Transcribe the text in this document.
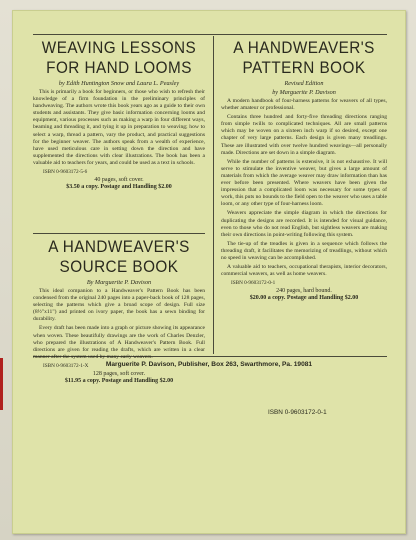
WEAVING LESSONS
FOR HAND LOOMS
by Edith Huntington Snow and Laura L. Peasley

This is primarily a book for beginners, or those who wish to refresh their knowledge of a firm foundation in the preliminary principles of handweaving. The authors wrote this book years ago as a guide to their own students and assistants. They give basic information concerning looms and equipment, various processes such as making a warp in four different ways, beaming and threading it, and tying it up in preparation to weaving; how to select a warp, thread a pattern, vary the product, and practical suggestions for the beginner weaver. The authors speak from a wealth of experience, have used meticulous care in setting down the direction and have supplemented the directions with clear illustrations. The book has been a valuable aid to teachers for years, and could be used as a text in schools.

ISBN 0-9603172-5-6
40 pages, soft cover.
$3.50 a copy. Postage and Handling $2.00
A HANDWEAVER'S
SOURCE BOOK
By Marguerite P. Davison

This ideal companion to a Handweaver's Pattern Book has been condensed from the original 240 pages into a paper-back book of 128 pages, selecting the patterns which give a broad scope of design. Full size (8½"x11") and printed on ivory paper, the book has a sewn binding for durability.

Every draft has been made into a graph or picture showing its appearance when woven. These beautifully drawings are the work of Charles Denzler, who prepared the illustrations of A Handweaver's Pattern Book. Full directions are given for reading the drafts, which are written in a clear manner after the system used by many early weavers.

ISBN 0-9603172-1-X
128 pages, soft cover.
$11.95 a copy. Postage and Handling $2.00
A HANDWEAVER'S
PATTERN BOOK
Revised Edition
by Marguerite P. Davison

A modern handbook of four-harness patterns for weavers of all types, whether amateur or professional.

Contains three hundred and forty-five threading directions ranging from simple twills to complicated techniques. All are small patterns which may be woven on a sixteen inch warp if so desired, except one chapter of very large patterns. Each design is given many treadlings. These are illustrated with over twelve hundred weavings—all personally made. Directions are set down in a simple diagram.

While the number of patterns is extensive, it is not exhaustive. It will serve to stimulate the inventive weaver, but gives a large amount of materials from which the average weaver may draw information than has ever before been presented. Where weavers have been given the impression that a complicated loom was necessary for some types of work, this puts no bounds to the field open to the weaver who uses a table loom, or any other type of four-harness loom.

Weavers appreciate the simple diagram in which the directions for duplicating the designs are recorded. It is intended for visual guidance, even to those who do not read English, but sightless weavers are making their own directions in point-writing following this system.

The tie-up of the treadles is given in a sequence which follows the threading draft, it facilitates the memorizing of treadlings, without which no speed in weaving can be accomplished.

A valuable aid to teachers, occupational therapists, interior decorators, commercial weavers, as well as home weavers.

ISBN 0-9603172-0-1
240 pages, hard bound.
$20.00 a copy. Postage and Handling $2.00
Marguerite P. Davison, Publisher, Box 263, Swarthmore, Pa. 19081
ISBN 0-9603172-0-1
